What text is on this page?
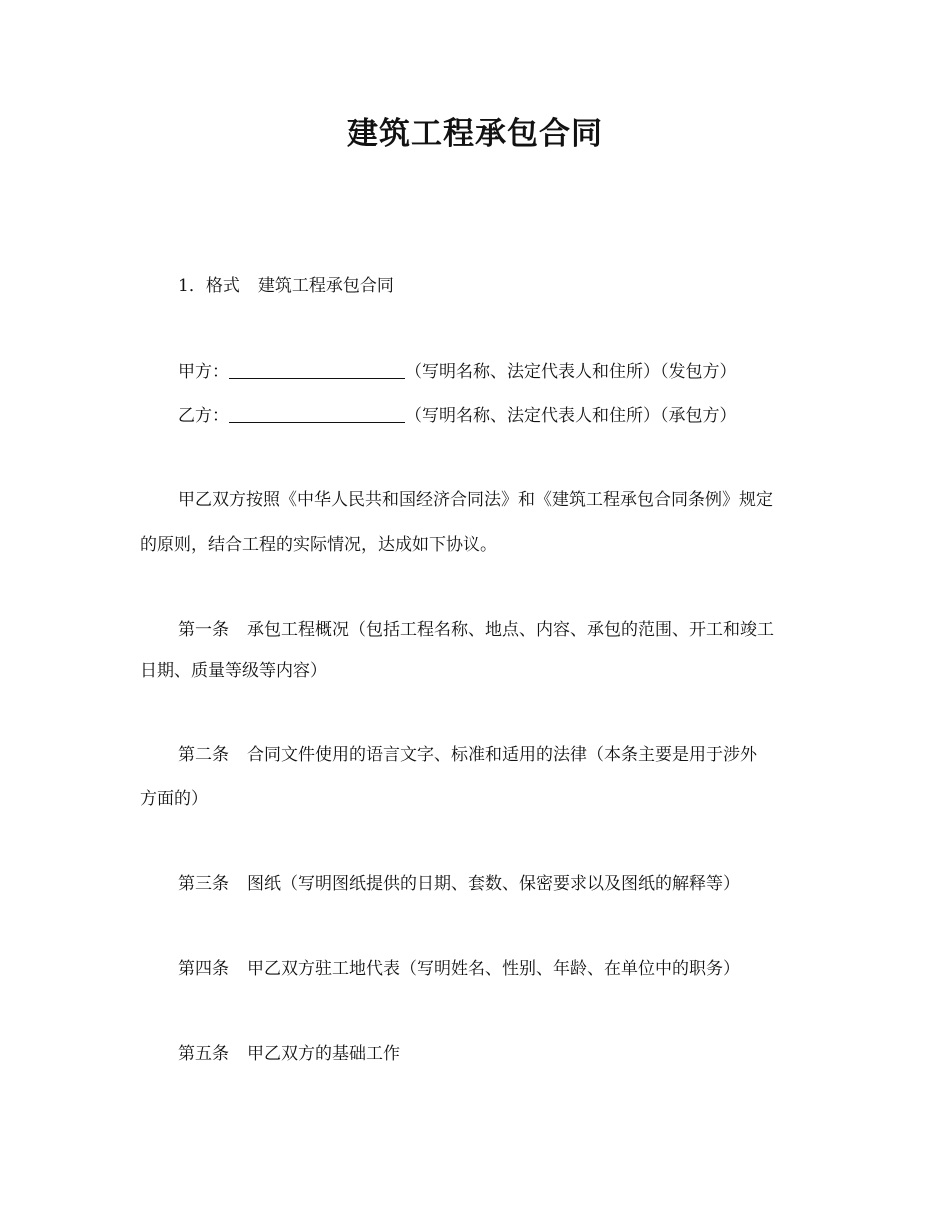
建筑工程承包合同
1．格式 建筑工程承包合同
甲方：	（写明名称、法定代表人和住所）（发包方）
乙方：	（写明名称、法定代表人和住所）（承包方）
甲乙双方按照《中华人民共和国经济合同法》和《建筑工程承包合同条例》规定
的原则，结合工程的实际情况，达成如下协议。
第一条 承包工程概况（包括工程名称、地点、内容、承包的范围、开工和竣工
日期、质量等级等内容）
第二条 合同文件使用的语言文字、标准和适用的法律（本条主要是用于涉外
方面的）
第三条 图纸（写明图纸提供的日期、套数、保密要求以及图纸的解释等）
第四条 甲乙双方驻工地代表（写明姓名、性别、年龄、在单位中的职务）
第五条 甲乙双方的基础工作
